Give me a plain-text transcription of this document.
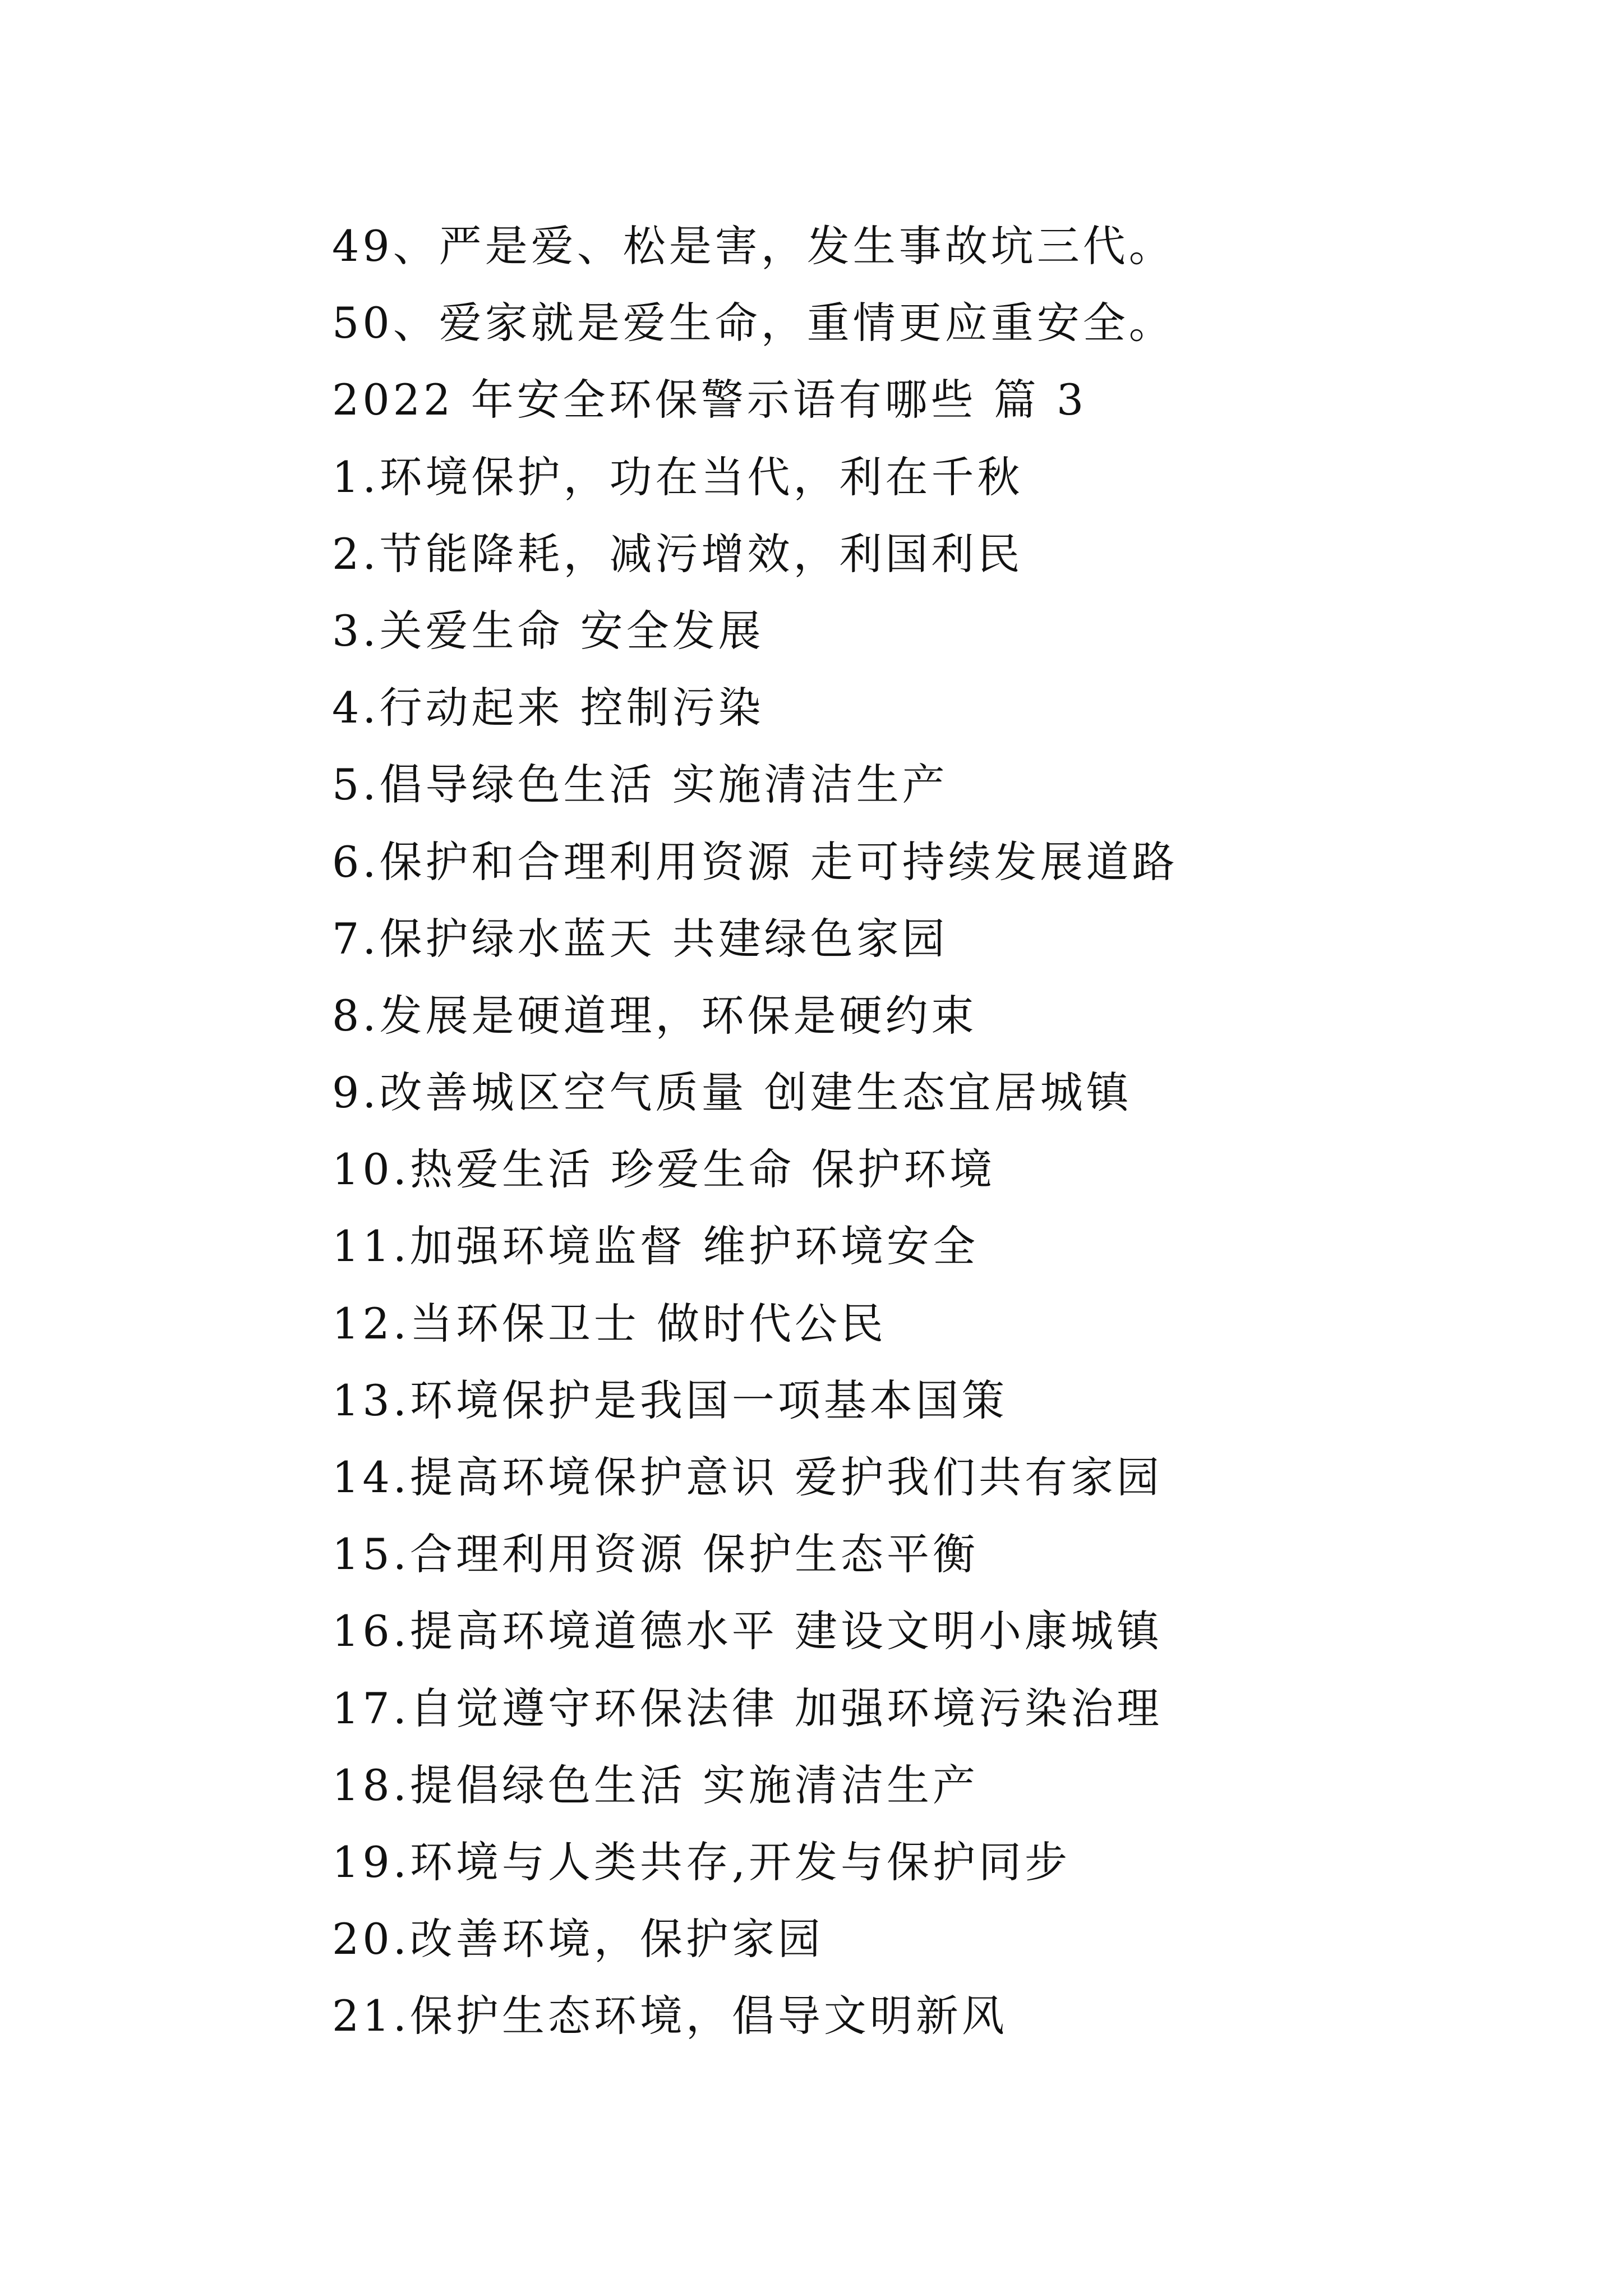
49、严是爱、松是害，发生事故坑三代。
50、爱家就是爱生命，重情更应重安全。
2022 年安全环保警示语有哪些 篇 3
1.环境保护，功在当代，利在千秋
2.节能降耗，减污增效，利国利民
3.关爱生命 安全发展
4.行动起来 控制污染
5.倡导绿色生活 实施清洁生产
6.保护和合理利用资源 走可持续发展道路
7.保护绿水蓝天 共建绿色家园
8.发展是硬道理，环保是硬约束
9.改善城区空气质量 创建生态宜居城镇
10.热爱生活 珍爱生命 保护环境
11.加强环境监督 维护环境安全
12.当环保卫士 做时代公民
13.环境保护是我国一项基本国策
14.提高环境保护意识 爱护我们共有家园
15.合理利用资源 保护生态平衡
16.提高环境道德水平 建设文明小康城镇
17.自觉遵守环保法律 加强环境污染治理
18.提倡绿色生活 实施清洁生产
19.环境与人类共存,开发与保护同步
20.改善环境，保护家园
21.保护生态环境，倡导文明新风
